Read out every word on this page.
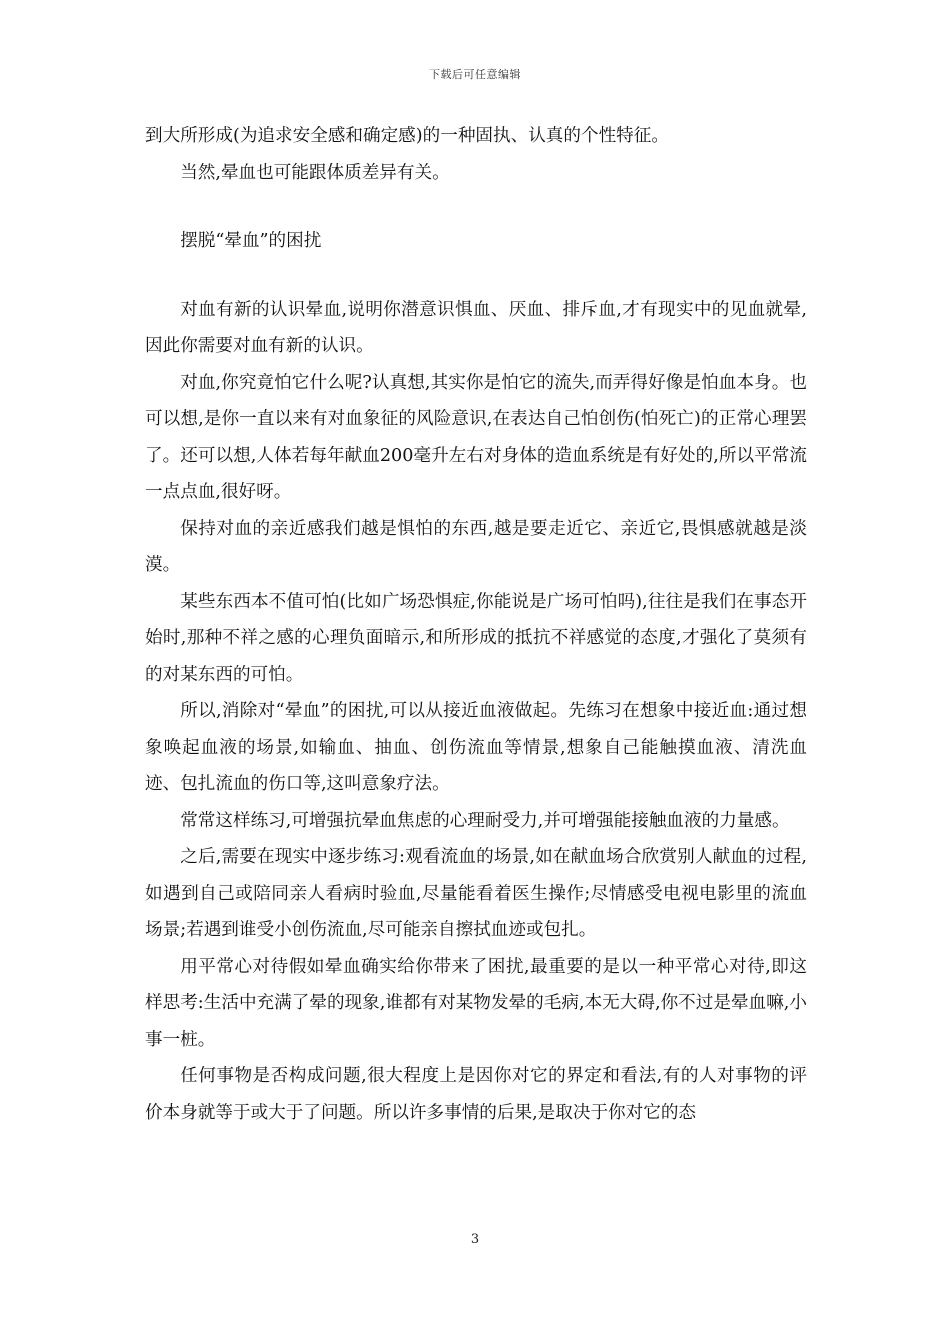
下载后可任意编辑

到大所形成(为追求安全感和确定感)的一种固执、认真的个性特征。

当然,晕血也可能跟体质差异有关。

摆脱“晕血”的困扰

对血有新的认识晕血,说明你潜意识惧血、厌血、排斥血,才有现实中的见血就晕,因此你需要对血有新的认识。

对血,你究竟怕它什么呢?认真想,其实你是怕它的流失,而弄得好像是怕血本身。也可以想,是你一直以来有对血象征的风险意识,在表达自己怕创伤(怕死亡)的正常心理罢了。还可以想,人体若每年献血200毫升左右对身体的造血系统是有好处的,所以平常流一点点血,很好呀。

保持对血的亲近感我们越是惧怕的东西,越是要走近它、亲近它,畏惧感就越是淡漠。

某些东西本不值可怕(比如广场恐惧症,你能说是广场可怕吗),往往是我们在事态开始时,那种不祥之感的心理负面暗示,和所形成的抵抗不祥感觉的态度,才强化了莫须有的对某东西的可怕。

所以,消除对“晕血”的困扰,可以从接近血液做起。先练习在想象中接近血:通过想象唤起血液的场景,如输血、抽血、创伤流血等情景,想象自己能触摸血液、清洗血迹、包扎流血的伤口等,这叫意象疗法。

常常这样练习,可增强抗晕血焦虑的心理耐受力,并可增强能接触血液的力量感。

之后,需要在现实中逐步练习:观看流血的场景,如在献血场合欣赏别人献血的过程,如遇到自己或陪同亲人看病时验血,尽量能看着医生操作;尽情感受电视电影里的流血场景;若遇到谁受小创伤流血,尽可能亲自擦拭血迹或包扎。

用平常心对待假如晕血确实给你带来了困扰,最重要的是以一种平常心对待,即这样思考:生活中充满了晕的现象,谁都有对某物发晕的毛病,本无大碍,你不过是晕血嘛,小事一桩。

任何事物是否构成问题,很大程度上是因你对它的界定和看法,有的人对事物的评价本身就等于或大于了问题。所以许多事情的后果,是取决于你对它的态

3
